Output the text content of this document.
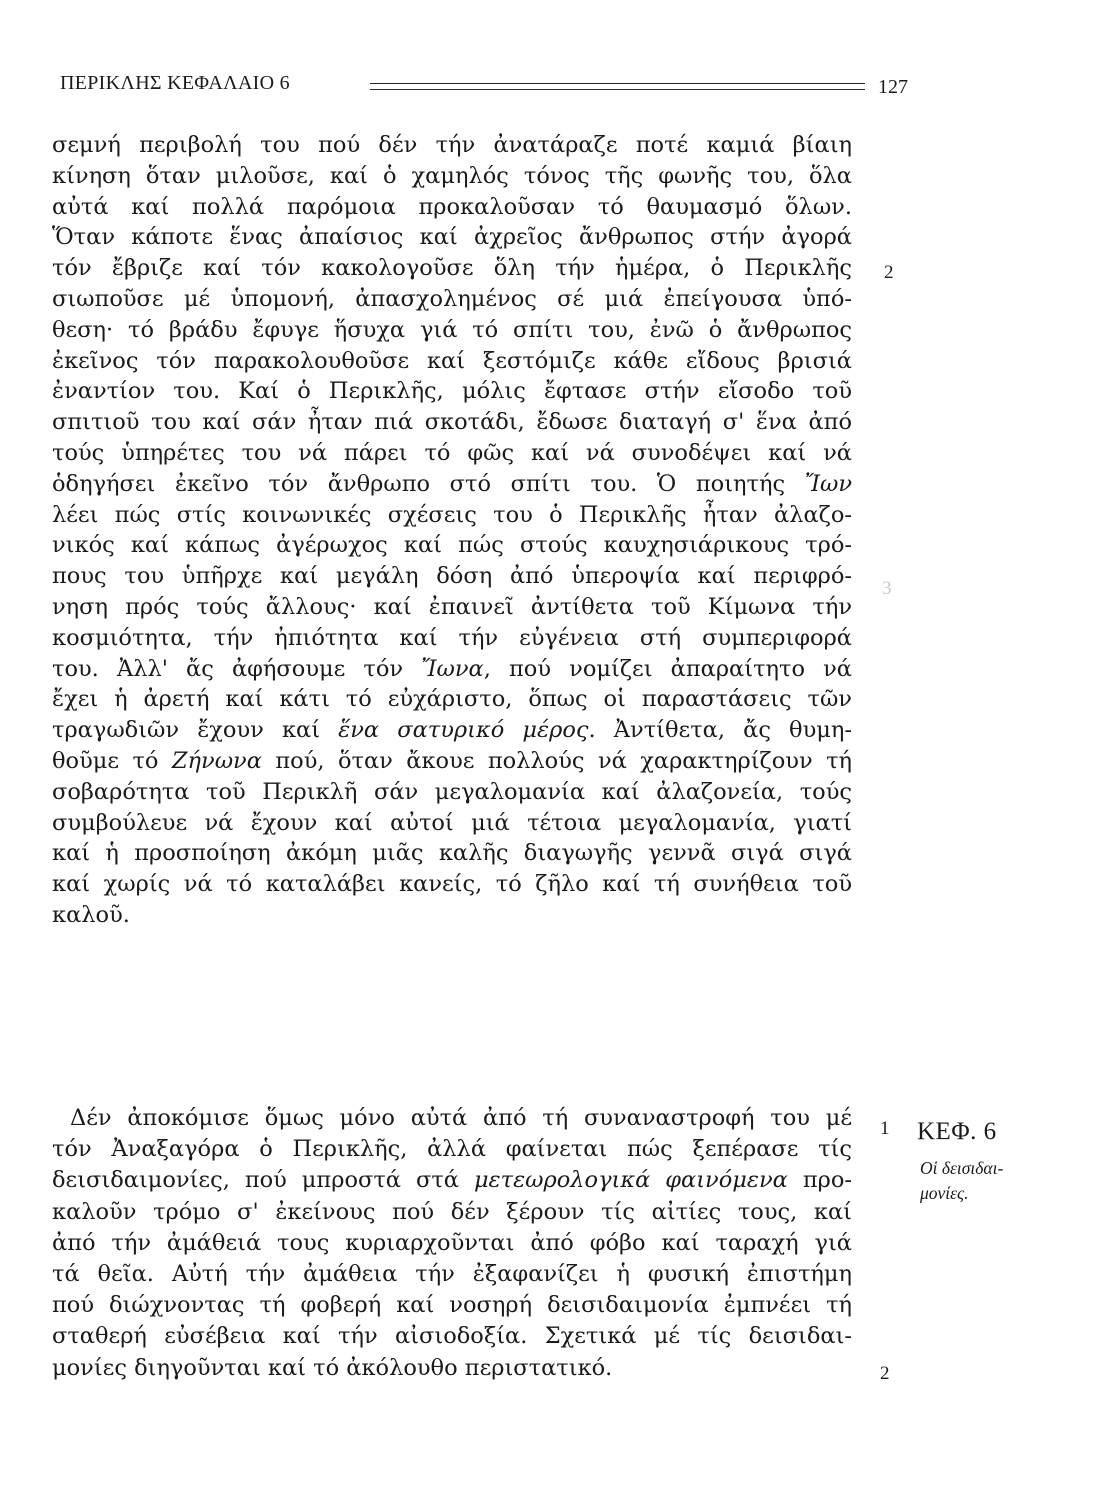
ΠΕΡΙΚΛΗΣ ΚΕΦΑΛΑΙΟ 6	127
σεμνή περιβολή του πού δέν τήν ἀνατάραζε ποτέ καμιά βίαιη
κίνηση ὅταν μιλοῦσε, καί ὁ χαμηλός τόνος τῆς φωνῆς του, ὅλα
αὐτά καί πολλά παρόμοια προκαλοῦσαν τό θαυμασμό ὅλων.
Ὅταν κάποτε ἕνας ἀπαίσιος καί ἀχρεῖος ἄνθρωπος στήν ἀγορά
τόν ἔβριζε καί τόν κακολογοῦσε ὅλη τήν ἡμέρα, ὁ Περικλῆς
σιωποῦσε μέ ὑπομονή, ἀπασχολημένος σέ μιά ἐπείγουσα ὑπό-
θεση· τό βράδυ ἔφυγε ἥσυχα γιά τό σπίτι του, ἐνῶ ὁ ἄνθρωπος
ἐκεῖνος τόν παρακολουθοῦσε καί ξεστόμιζε κάθε εἴδους βρισιά
ἐναντίον του. Καί ὁ Περικλῆς, μόλις ἔφτασε στήν εἴσοδο τοῦ
σπιτιοῦ του καί σάν ἦταν πιά σκοτάδι, ἔδωσε διαταγή σ' ἕνα ἀπό
τούς ὑπηρέτες του νά πάρει τό φῶς καί νά συνοδέψει καί νά
ὁδηγήσει ἐκεῖνο τόν ἄνθρωπο στό σπίτι του. Ὁ ποιητής Ἴων
λέει πώς στίς κοινωνικές σχέσεις του ὁ Περικλῆς ἦταν ἀλαζο-
νικός καί κάπως ἀγέρωχος καί πώς στούς καυχησιάρικους τρό-
πους του ὑπῆρχε καί μεγάλη δόση ἀπό ὑπεροψία καί περιφρό-
νηση πρός τούς ἄλλους· καί ἐπαινεῖ ἀντίθετα τοῦ Κίμωνα τήν
κοσμιότητα, τήν ἠπιότητα καί τήν εὐγένεια στή συμπεριφορά
του. Ἀλλ' ἄς ἀφήσουμε τόν Ἴωνα, πού νομίζει ἀπαραίτητο νά
ἔχει ἡ ἀρετή καί κάτι τό εὐχάριστο, ὅπως οἱ παραστάσεις τῶν
τραγωδιῶν ἔχουν καί ἕνα σατυρικό μέρος. Ἀντίθετα, ἄς θυμη-
θοῦμε τό Ζήνωνα πού, ὅταν ἄκουε πολλούς νά χαρακτηρίζουν τή
σοβαρότητα τοῦ Περικλῆ σάν μεγαλομανία καί ἀλαζονεία, τούς
συμβούλευε νά ἔχουν καί αὐτοί μιά τέτοια μεγαλομανία, γιατί
καί ἡ προσποίηση ἀκόμη μιᾶς καλῆς διαγωγῆς γεννᾶ σιγά σιγά
καί χωρίς νά τό καταλάβει κανείς, τό ζῆλο καί τή συνήθεια τοῦ
καλοῦ.
Δέν ἀποκόμισε ὅμως μόνο αὐτά ἀπό τή συναναστροφή του μέ
τόν Ἀναξαγόρα ὁ Περικλῆς, ἀλλά φαίνεται πώς ξεπέρασε τίς
δεισιδαιμονίες, πού μπροστά στά μετεωρολογικά φαινόμενα προ-
καλοῦν τρόμο σ' ἐκείνους πού δέν ξέρουν τίς αἰτίες τους, καί
ἀπό τήν ἀμάθειά τους κυριαρχοῦνται ἀπό φόβο καί ταραχή γιά
τά θεῖα. Αὐτή τήν ἀμάθεια τήν ἐξαφανίζει ἡ φυσική ἐπιστήμη
πού διώχνοντας τή φοβερή καί νοσηρή δεισιδαιμονία ἐμπνέει τή
σταθερή εὐσέβεια καί τήν αἰσιοδοξία. Σχετικά μέ τίς δεισιδαι-
μονίες διηγοῦνται καί τό ἀκόλουθο περιστατικό.
2
3
1
2
ΚΕΦ. 6
Οἱ δεισιδαι-
μονίες.
